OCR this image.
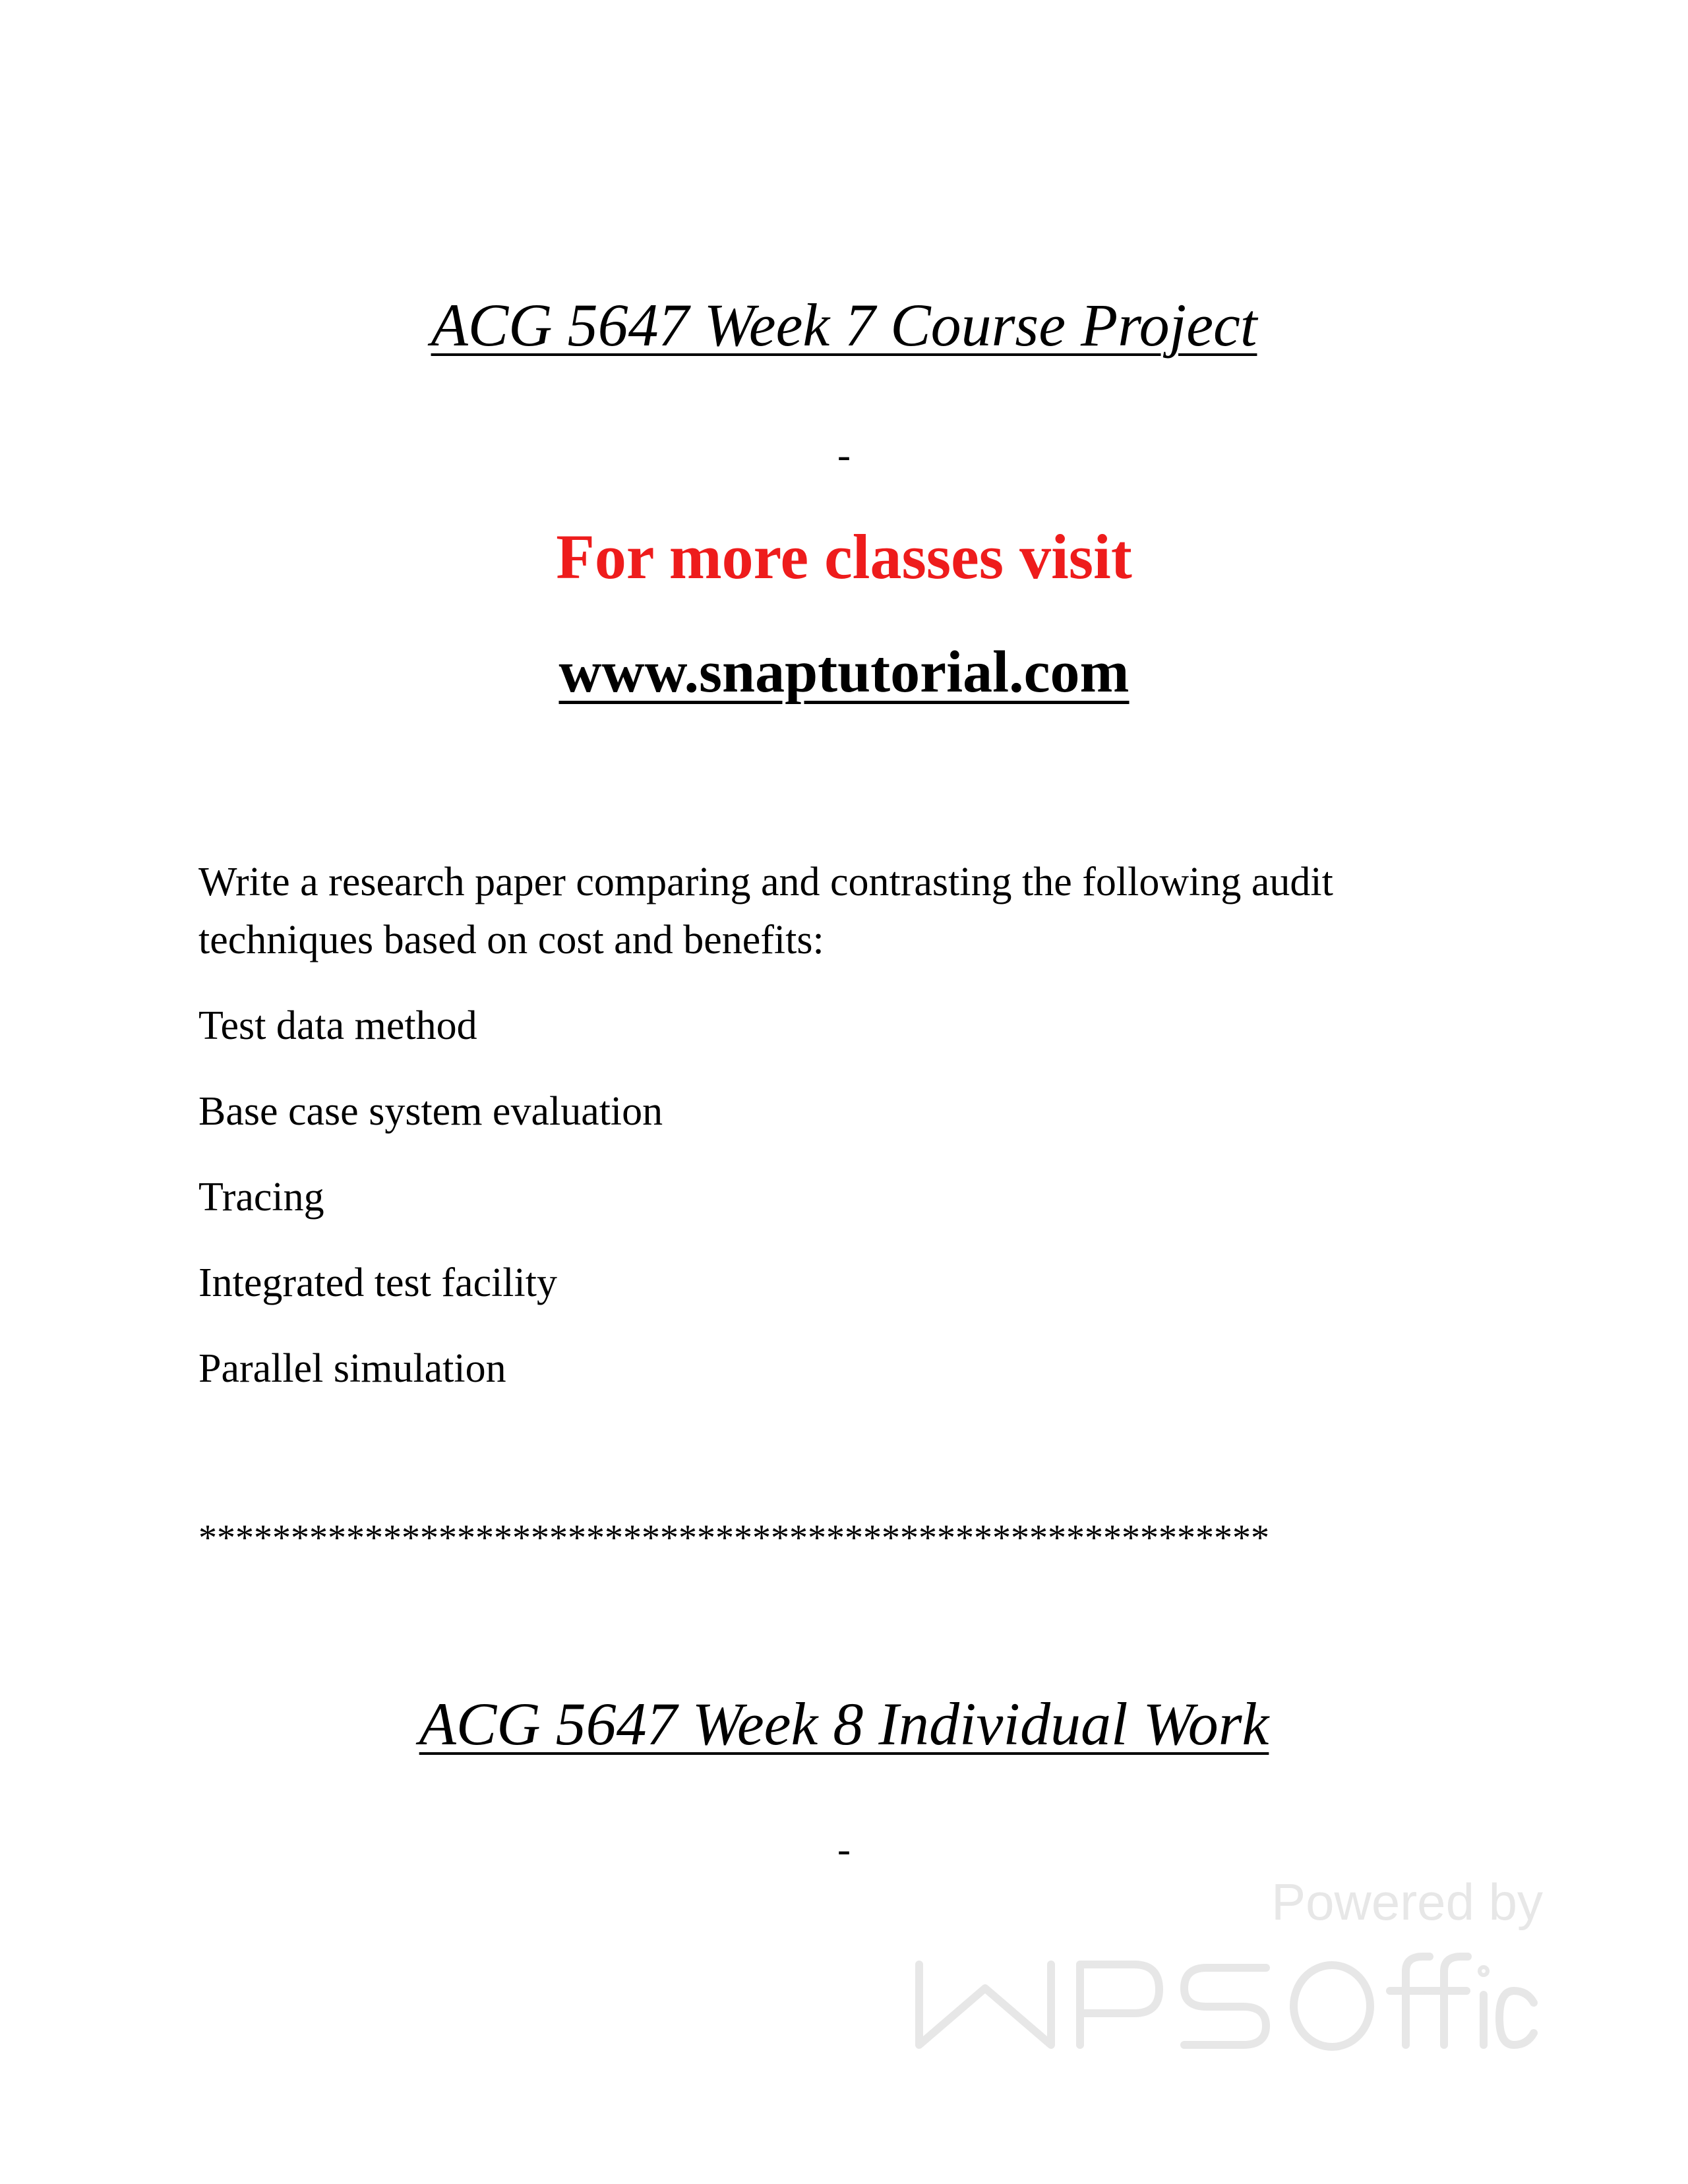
ACG 5647 Week 7 Course Project
-
For more classes visit
www.snaptutorial.com
Write a research paper comparing and contrasting the following audit
techniques based on cost and benefits:
Test data method
Base case system evaluation
Tracing
Integrated test facility
Parallel simulation
**********************************************************
ACG 5647 Week 8 Individual Work
-
Powered by
